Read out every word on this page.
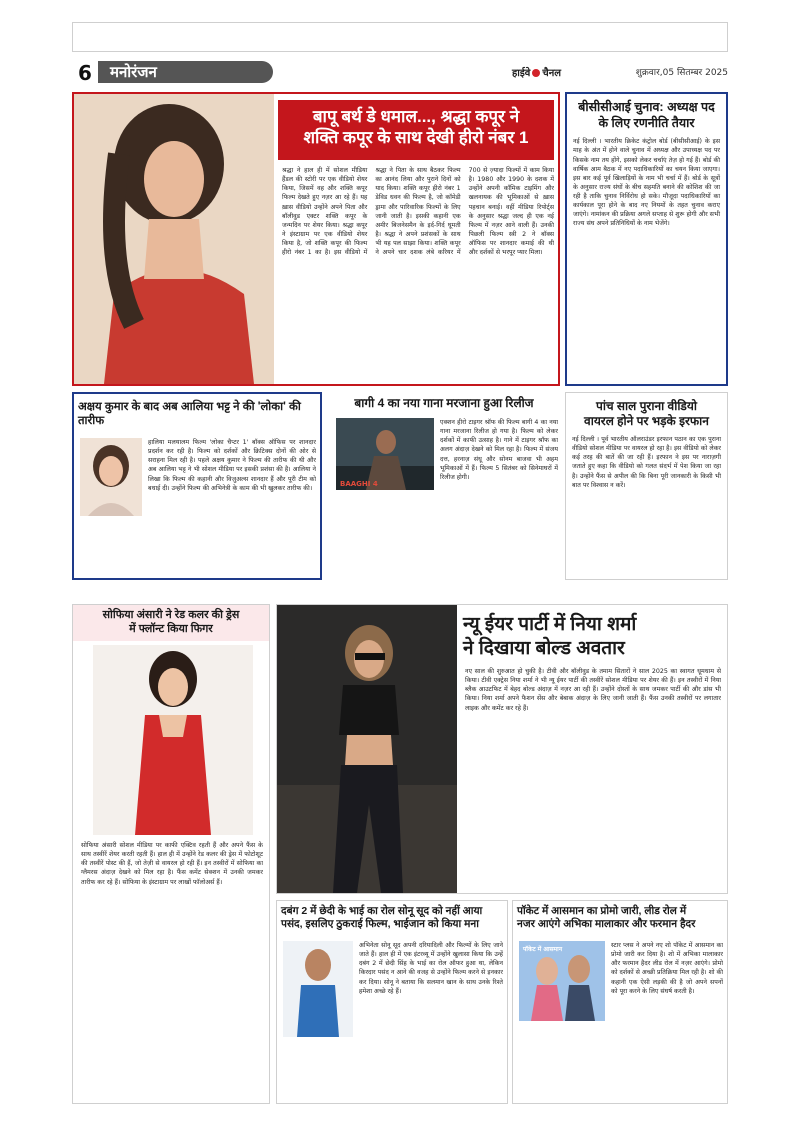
6	मनोरंजन	हाईवे चैनल	शुक्रवार,05 सितम्बर 2025
बापू बर्थ डे धमाल..., श्रद्धा कपूर ने
शक्ति कपूर के साथ देखी हीरो नंबर 1
श्रद्धा ने हाल ही में सोशल मीडिया हैंडल की स्टोरी पर एक वीडियो शेयर किया, जिसमें वह और शक्ति कपूर फिल्म देखते हुए नज़र आ रहे हैं। यह ख़ास वीडियो उन्होंने अपने पिता और बॉलीवुड एक्टर शक्ति कपूर के जन्मदिन पर शेयर किया। श्रद्धा कपूर ने इंस्टाग्राम पर एक वीडियो शेयर किया है, जो शक्ति कपूर की फिल्म हीरो नंबर 1 का है। इस वीडियो में श्रद्धा ने पिता के साथ बैठकर फिल्म का आनंद लिया और पुराने दिनों को याद किया। शक्ति कपूर हीरो नंबर 1 डेविड धवन की फिल्म है, जो कॉमेडी ड्रामा और पारिवारिक फिल्मों के लिए जानी जाती है। इसकी कहानी एक अमीर बिजनेसमैन के इर्द-गिर्द घूमती है। श्रद्धा ने अपने प्रशंसकों के साथ भी यह पल साझा किया। शक्ति कपूर ने अपने चार दशक लंबे करियर में 700 से ज़्यादा फिल्मों में काम किया है। 1980 और 1990 के दशक में उन्होंने अपनी कॉमिक टाइमिंग और खलनायक की भूमिकाओं से ख़ास पहचान बनाई। वहीं मीडिया रिपोर्ट्स के अनुसार श्रद्धा जल्द ही एक नई फिल्म में नज़र आने वाली हैं। उनकी पिछली फिल्म स्त्री 2 ने बॉक्स ऑफिस पर शानदार कमाई की थी और दर्शकों से भरपूर प्यार मिला।
बीसीसीआई चुनाव: अध्यक्ष पद
के लिए रणनीति तैयार
नई दिल्ली । भारतीय क्रिकेट कंट्रोल बोर्ड (बीसीसीआई) के इस माह के अंत में होने वाले चुनाव में अध्यक्ष और उपाध्यक्ष पद पर किसके नाम तय होंगे, इसको लेकर चर्चाएं तेज़ हो गई हैं। बोर्ड की वार्षिक आम बैठक में नए पदाधिकारियों का चयन किया जाएगा। इस बार कई पूर्व खिलाड़ियों के नाम भी चर्चा में हैं। बोर्ड के सूत्रों के अनुसार राज्य संघों के बीच सहमति बनाने की कोशिश की जा रही है ताकि चुनाव निर्विरोध हो सके। मौजूदा पदाधिकारियों का कार्यकाल पूरा होने के बाद नए नियमों के तहत चुनाव कराए जाएंगे। नामांकन की प्रक्रिया अगले सप्ताह से शुरू होगी और सभी राज्य संघ अपने प्रतिनिधियों के नाम भेजेंगे।
अक्षय कुमार के बाद अब आलिया भट्ट ने की 'लोका' की तारीफ
हालिया मलयालम फिल्म 'लोका चैप्टर 1' बॉक्स ऑफिस पर शानदार प्रदर्शन कर रही है। फिल्म को दर्शकों और क्रिटिक्स दोनों की ओर से सराहना मिल रही है। पहले अक्षय कुमार ने फिल्म की तारीफ की थी और अब आलिया भट्ट ने भी सोशल मीडिया पर इसकी प्रशंसा की है। आलिया ने लिखा कि फिल्म की कहानी और विजुअल्स शानदार हैं और पूरी टीम को बधाई दी। उन्होंने फिल्म की अभिनेत्री के काम की भी खुलकर तारीफ की।
बागी 4 का नया गाना मरजाना हुआ रिलीज
BAAGHI 4
एक्शन हीरो टाइगर श्रॉफ की फिल्म बागी 4 का नया गाना मरजाना रिलीज हो गया है। फिल्म को लेकर दर्शकों में काफी उत्साह है। गाने में टाइगर श्रॉफ का अलग अंदाज़ देखने को मिल रहा है। फिल्म में संजय दत्त, हरनाज़ संधू और सोनम बाजवा भी अहम भूमिकाओं में हैं। फिल्म 5 सितंबर को सिनेमाघरों में रिलीज होगी।
पांच साल पुराना वीडियो
वायरल होने पर भड़के इरफान
नई दिल्ली । पूर्व भारतीय ऑलराउंडर इरफान पठान का एक पुराना वीडियो सोशल मीडिया पर वायरल हो रहा है। इस वीडियो को लेकर कई तरह की बातें की जा रही हैं। इरफान ने इस पर नाराज़गी जताते हुए कहा कि वीडियो को गलत संदर्भ में पेश किया जा रहा है। उन्होंने फैंस से अपील की कि बिना पूरी जानकारी के किसी भी बात पर विश्वास न करें।
सोफिया अंसारी ने रेड कलर की ड्रेस
में फ्लॉन्ट किया फिगर
सोफिया अंसारी सोशल मीडिया पर काफी एक्टिव रहती हैं और अपने फैंस के साथ तस्वीरें शेयर करती रहती हैं। हाल ही में उन्होंने रेड कलर की ड्रेस में फोटोशूट की तस्वीरें पोस्ट की हैं, जो तेज़ी से वायरल हो रही हैं। इन तस्वीरों में सोफिया का ग्लैमरस अंदाज़ देखने को मिल रहा है। फैंस कमेंट सेक्शन में उनकी जमकर तारीफ कर रहे हैं। सोफिया के इंस्टाग्राम पर लाखों फॉलोअर्स हैं।
न्यू ईयर पार्टी में निया शर्मा
ने दिखाया बोल्ड अवतार
नए साल की शुरुआत हो चुकी है। टीवी और बॉलीवुड के तमाम सितारों ने साल 2025 का स्वागत धूमधाम से किया। टीवी एक्ट्रेस निया शर्मा ने भी न्यू ईयर पार्टी की तस्वीरें सोशल मीडिया पर शेयर की हैं। इन तस्वीरों में निया ब्लैक आउटफिट में बेहद बोल्ड अंदाज़ में नज़र आ रही हैं। उन्होंने दोस्तों के साथ जमकर पार्टी की और डांस भी किया। निया शर्मा अपने फैशन सेंस और बेबाक अंदाज़ के लिए जानी जाती हैं। फैंस उनकी तस्वीरों पर लगातार लाइक और कमेंट कर रहे हैं।
दबंग 2 में छेदी के भाई का रोल सोनू सूद को नहीं आया
पसंद, इसलिए ठुकराई फिल्म, भाईजान को किया मना
अभिनेता सोनू सूद अपनी दरियादिली और फिल्मों के लिए जाने जाते हैं। हाल ही में एक इंटरव्यू में उन्होंने खुलासा किया कि उन्हें दबंग 2 में छेदी सिंह के भाई का रोल ऑफर हुआ था, लेकिन किरदार पसंद न आने की वजह से उन्होंने फिल्म करने से इनकार कर दिया। सोनू ने बताया कि सलमान खान के साथ उनके रिश्ते हमेशा अच्छे रहे हैं।
पॉकेट में आसमान का प्रोमो जारी, लीड रोल में
नजर आएंगे अभिका मालाकार और फरमान हैदर
पॉकेट में आसमान
स्टार प्लस ने अपने नए शो पॉकेट में आसमान का प्रोमो जारी कर दिया है। शो में अभिका मालाकार और फरमान हैदर लीड रोल में नज़र आएंगे। प्रोमो को दर्शकों से अच्छी प्रतिक्रिया मिल रही है। शो की कहानी एक ऐसी लड़की की है जो अपने सपनों को पूरा करने के लिए संघर्ष करती है।
